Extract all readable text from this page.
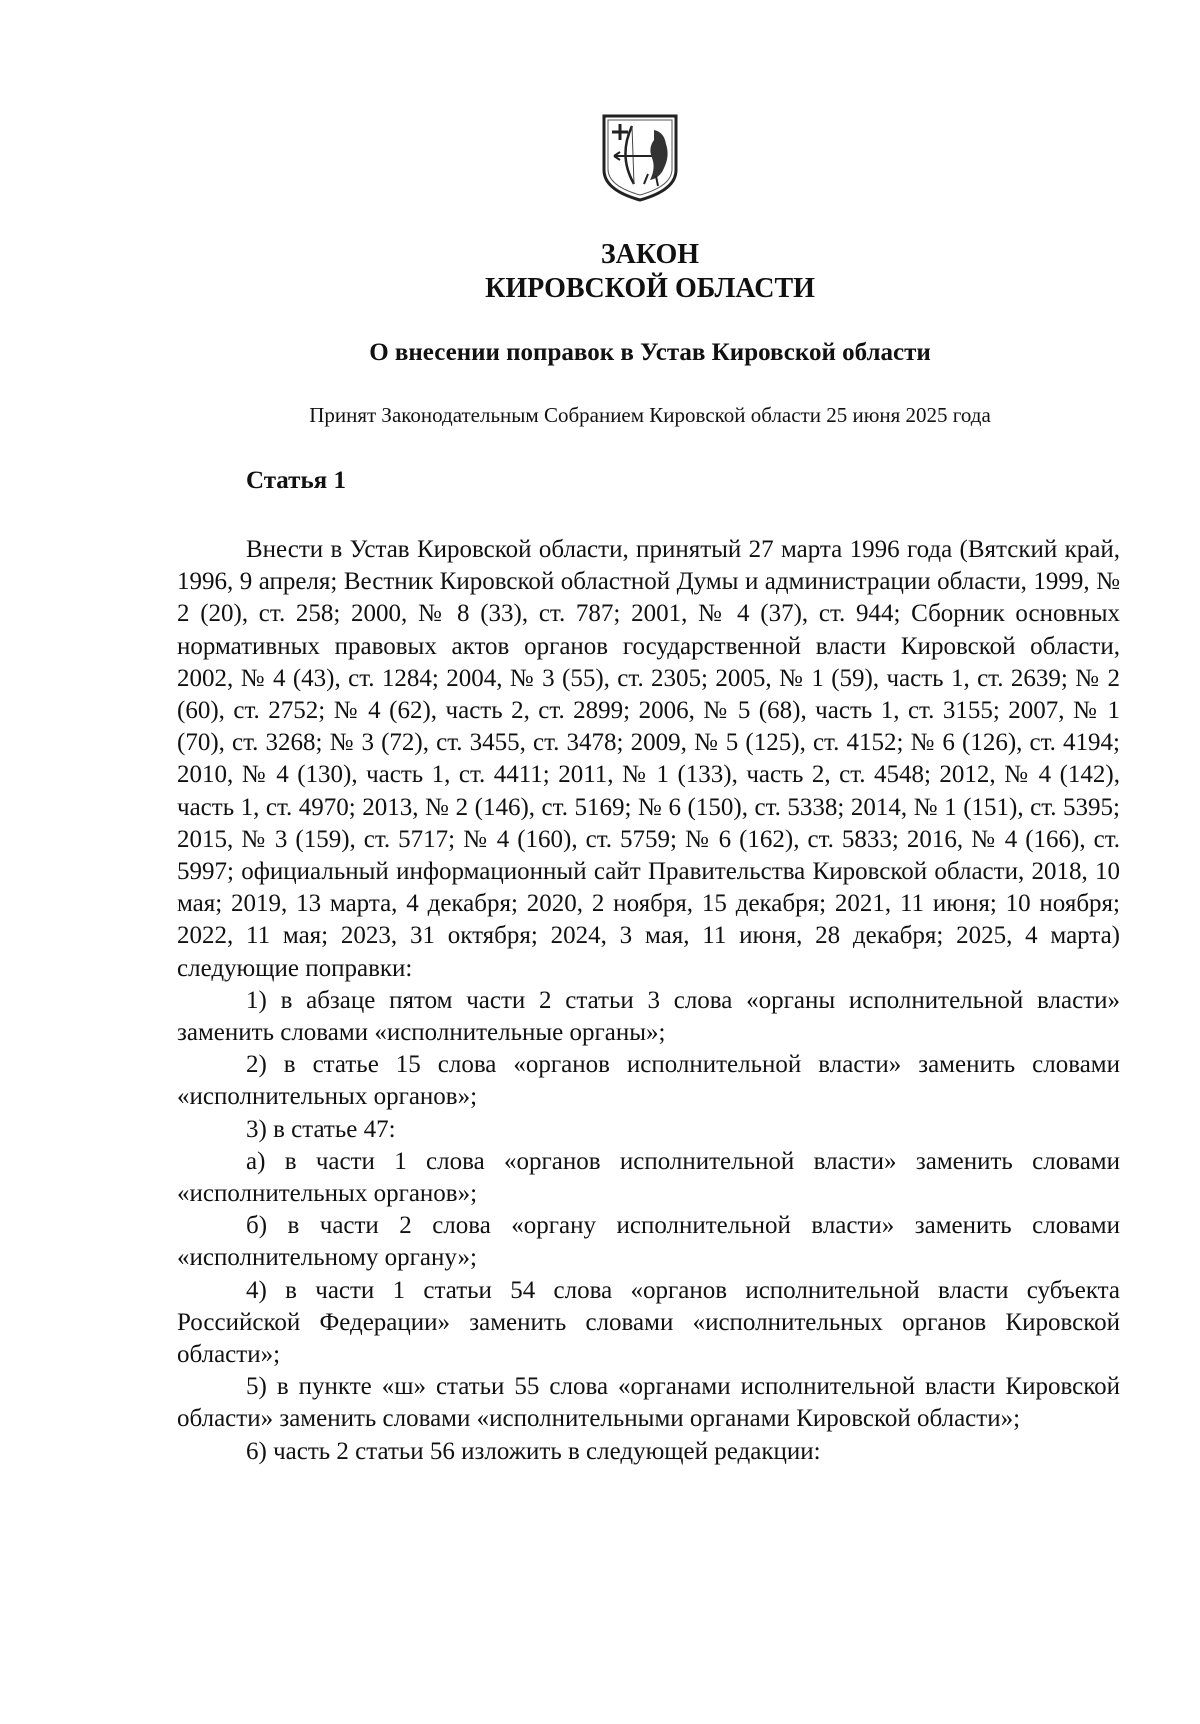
ЗАКОН

КИРОВСКОЙ ОБЛАСТИ

О внесении поправок в Устав Кировской области

Принят Законодательным Собранием Кировской области 25 июня 2025 года

Статья 1

Внести в Устав Кировской области, принятый 27 марта 1996 года (Вятский край, 1996, 9 апреля; Вестник Кировской областной Думы и администрации области, 1999, № 2 (20), ст. 258; 2000, № 8 (33), ст. 787; 2001, № 4 (37), ст. 944; Сборник основных нормативных правовых актов органов государственной власти Кировской области, 2002, № 4 (43), ст. 1284; 2004, № 3 (55), ст. 2305; 2005, № 1 (59), часть 1, ст. 2639; № 2 (60), ст. 2752; № 4 (62), часть 2, ст. 2899; 2006, № 5 (68), часть 1, ст. 3155; 2007, № 1 (70), ст. 3268; № 3 (72), ст. 3455, ст. 3478; 2009, № 5 (125), ст. 4152; № 6 (126), ст. 4194; 2010, № 4 (130), часть 1, ст. 4411; 2011, № 1 (133), часть 2, ст. 4548; 2012, № 4 (142), часть 1, ст. 4970; 2013, № 2 (146), ст. 5169; № 6 (150), ст. 5338; 2014, № 1 (151), ст. 5395; 2015, № 3 (159), ст. 5717; № 4 (160), ст. 5759; № 6 (162), ст. 5833; 2016, № 4 (166), ст. 5997; официальный информационный сайт Правительства Кировской области, 2018, 10 мая; 2019, 13 марта, 4 декабря; 2020, 2 ноября, 15 декабря; 2021, 11 июня; 10 ноября; 2022, 11 мая; 2023, 31 октября; 2024, 3 мая, 11 июня, 28 декабря; 2025, 4 марта) следующие поправки:

1) в абзаце пятом части 2 статьи 3 слова «органы исполнительной власти» заменить словами «исполнительные органы»;

2) в статье 15 слова «органов исполнительной власти» заменить словами «исполнительных органов»;

3) в статье 47:

а) в части 1 слова «органов исполнительной власти» заменить словами «исполнительных органов»;

б) в части 2 слова «органу исполнительной власти» заменить словами «исполнительному органу»;

4) в части 1 статьи 54 слова «органов исполнительной власти субъекта Российской Федерации» заменить словами «исполнительных органов Кировской области»;

5) в пункте «ш» статьи 55 слова «органами исполнительной власти Кировской области» заменить словами «исполнительными органами Кировской области»;

6) часть 2 статьи 56 изложить в следующей редакции:
